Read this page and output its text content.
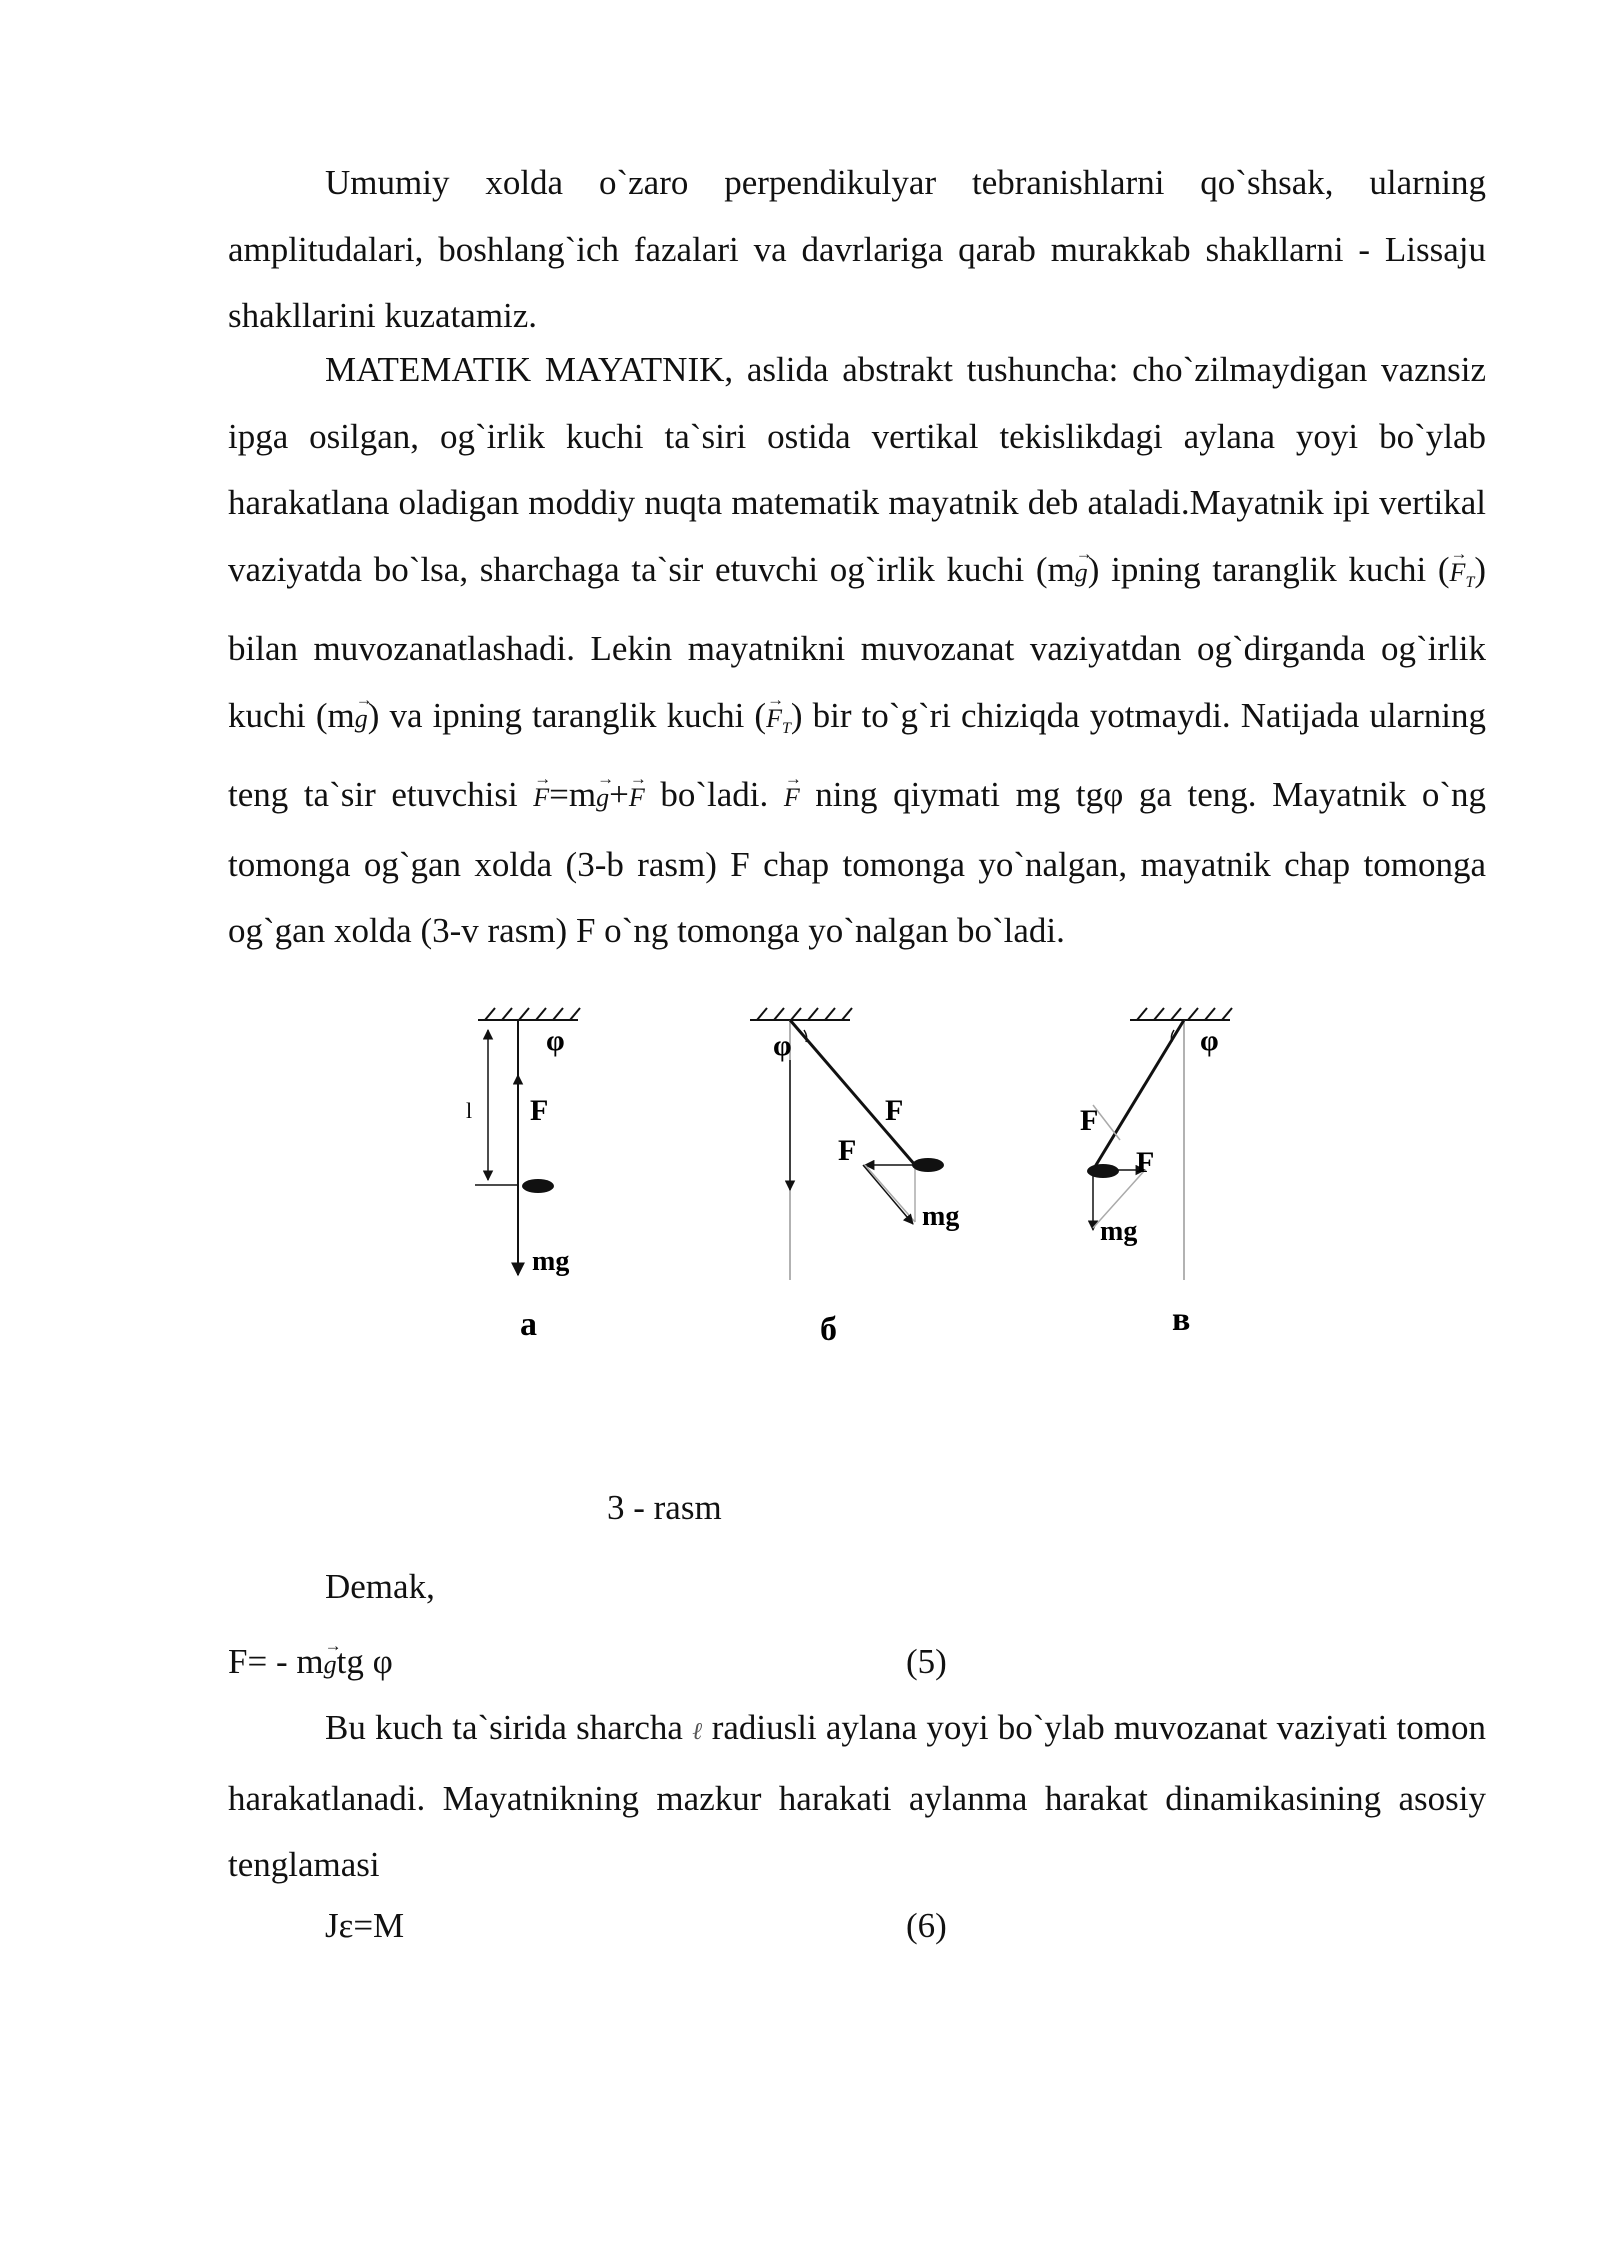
Umumiy xolda o`zaro perpendikulyar tebranishlarni qo`shsak, ularning amplitudalari, boshlang`ich fazalari va davrlariga qarab murakkab shakllarni - Lissaju shakllarini kuzatamiz.

MATEMATIK MAYATNIK, aslida abstrakt tushuncha: cho`zilmaydigan vaznsiz ipga osilgan, og`irlik kuchi ta`siri ostida vertikal tekislikdagi aylana yoyi bo`ylab harakatlana oladigan moddiy nuqta matematik mayatnik deb ataladi.Mayatnik ipi vertikal vaziyatda bo`lsa, sharchaga ta`sir etuvchi og`irlik kuchi (m→ g) ipning taranglik kuchi (→ $F_T$) bilan muvozanatlashadi. Lekin mayatnikni muvozanat vaziyatdan og`dirganda og`irlik kuchi (m→ g) va ipning taranglik kuchi (→ $F_T$) bir to`g`ri chiziqda yotmaydi. Natijada ularning teng ta`sir etuvchisi → F=m→ g+→ F bo`ladi. → F ning qiymati mg tgφ ga teng. Mayatnik o`ng tomonga og`gan xolda (3-b rasm) F chap tomonga yo`nalgan, mayatnik chap tomonga og`gan xolda (3-v rasm) F o`ng tomonga yo`nalgan bo`ladi.

φ
l F
mg
a
φ
F
F
mg
б
φ
F
F
mg
в
3 - rasm
Demak,
F= - m→ gtg φ	(5)

Bu kuch ta`sirida sharcha ℓ radiusli aylana yoyi bo`ylab muvozanat vaziyati tomon harakatlanadi. Mayatnikning mazkur harakati aylanma harakat dinamikasining asosiy tenglamasi

Jε=M	(6)
